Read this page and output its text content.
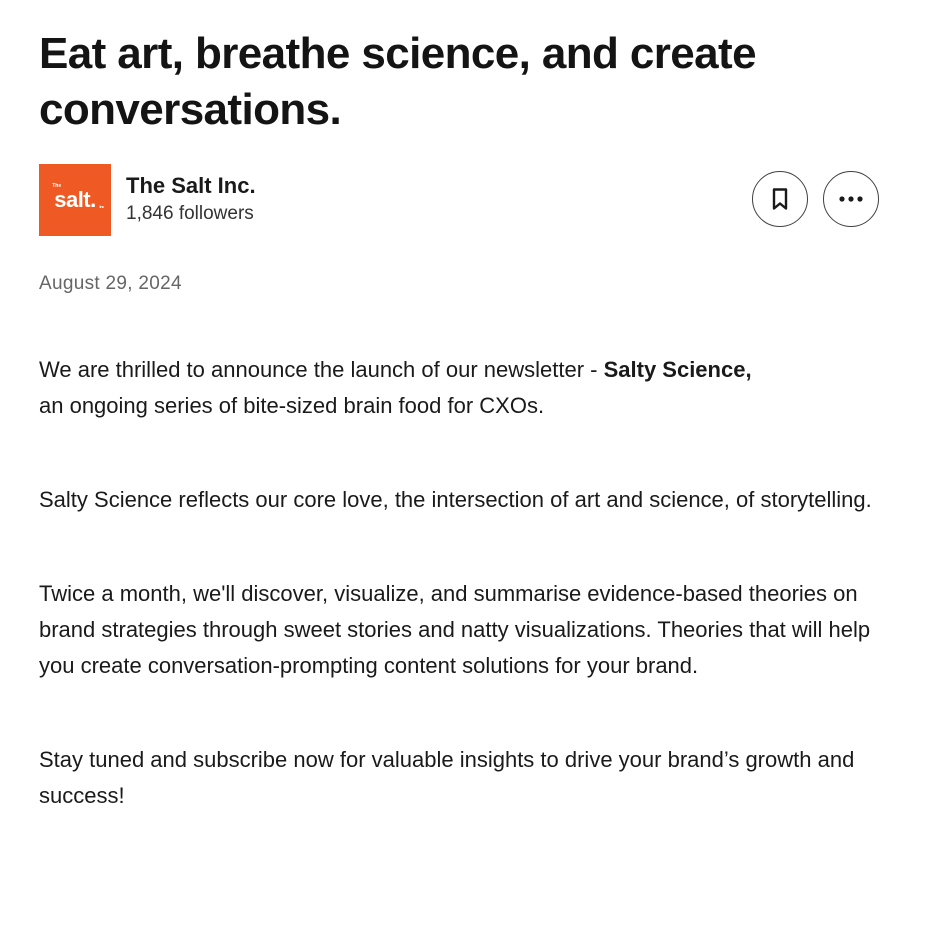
Eat art, breathe science, and create conversations.
The
salt. Inc
The Salt Inc.
1,846 followers
August 29, 2024

We are thrilled to announce the launch of our newsletter - Salty Science, an ongoing series of bite-sized brain food for CXOs.

Salty Science reflects our core love, the intersection of art and science, of storytelling.

Twice a month, we'll discover, visualize, and summarise evidence-based theories on brand strategies through sweet stories and natty visualizations. Theories that will help you create conversation-prompting content solutions for your brand.

Stay tuned and subscribe now for valuable insights to drive your brand’s growth and success!
